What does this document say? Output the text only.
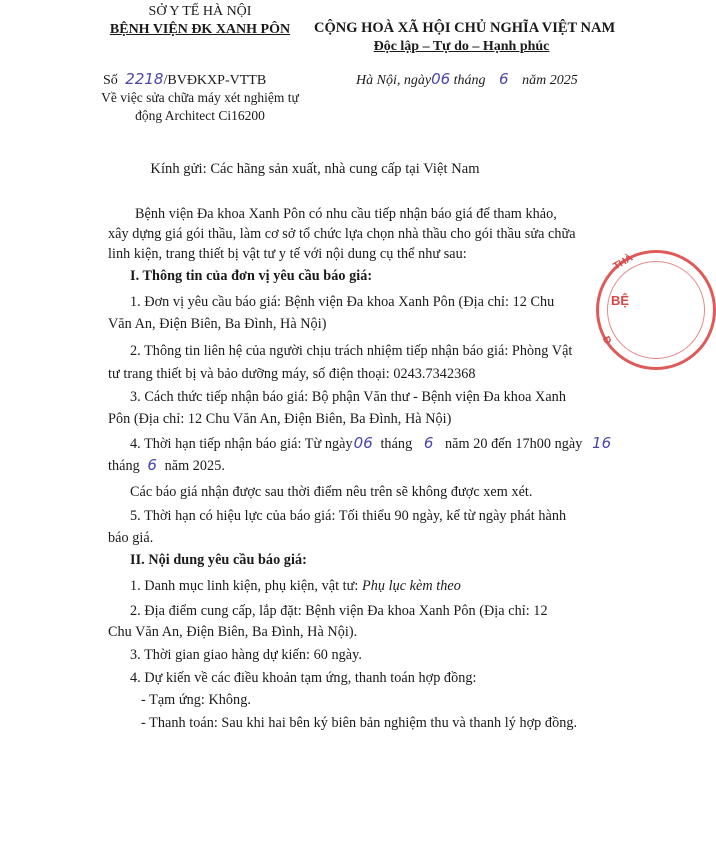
SỞ Y TẾ HÀ NỘI
BỆNH VIỆN ĐK XANH PÔN
Số 2218/BVĐKXP-VTTB
Về việc sửa chữa máy xét nghiệm tự
động Architect Ci16200
CỘNG HOÀ XÃ HỘI CHỦ NGHĨA VIỆT NAM
Độc lập – Tự do – Hạnh phúc
Hà Nội, ngày06 tháng 6 năm 2025
Kính gửi: Các hãng sản xuất, nhà cung cấp tại Việt Nam
Bệnh viện Đa khoa Xanh Pôn có nhu cầu tiếp nhận báo giá để tham khảo,
xây dựng giá gói thầu, làm cơ sở tổ chức lựa chọn nhà thầu cho gói thầu sửa chữa
linh kiện, trang thiết bị vật tư y tế với nội dung cụ thể như sau:
I. Thông tin của đơn vị yêu cầu báo giá:
1. Đơn vị yêu cầu báo giá: Bệnh viện Đa khoa Xanh Pôn (Địa chỉ: 12 Chu
Văn An, Điện Biên, Ba Đình, Hà Nội)
2. Thông tin liên hệ của người chịu trách nhiệm tiếp nhận báo giá: Phòng Vật
tư trang thiết bị và bảo dưỡng máy, số điện thoại: 0243.7342368
3. Cách thức tiếp nhận báo giá: Bộ phận Văn thư - Bệnh viện Đa khoa Xanh
Pôn (Địa chỉ: 12 Chu Văn An, Điện Biên, Ba Đình, Hà Nội)
4. Thời hạn tiếp nhận báo giá: Từ ngày06 tháng 6 năm 20 đến 17h00 ngày 16
tháng 6 năm 2025.
Các báo giá nhận được sau thời điểm nêu trên sẽ không được xem xét.
5. Thời hạn có hiệu lực của báo giá: Tối thiểu 90 ngày, kể từ ngày phát hành
báo giá.
II. Nội dung yêu cầu báo giá:
1. Danh mục linh kiện, phụ kiện, vật tư: Phụ lục kèm theo
2. Địa điểm cung cấp, lắp đặt: Bệnh viện Đa khoa Xanh Pôn (Địa chỉ: 12
Chu Văn An, Điện Biên, Ba Đình, Hà Nội).
3. Thời gian giao hàng dự kiến: 60 ngày.
4. Dự kiến về các điều khoản tạm ứng, thanh toán hợp đồng:
- Tạm ứng: Không.
- Thanh toán: Sau khi hai bên ký biên bản nghiệm thu và thanh lý hợp đồng.
THÀ
BỆ
Đ
